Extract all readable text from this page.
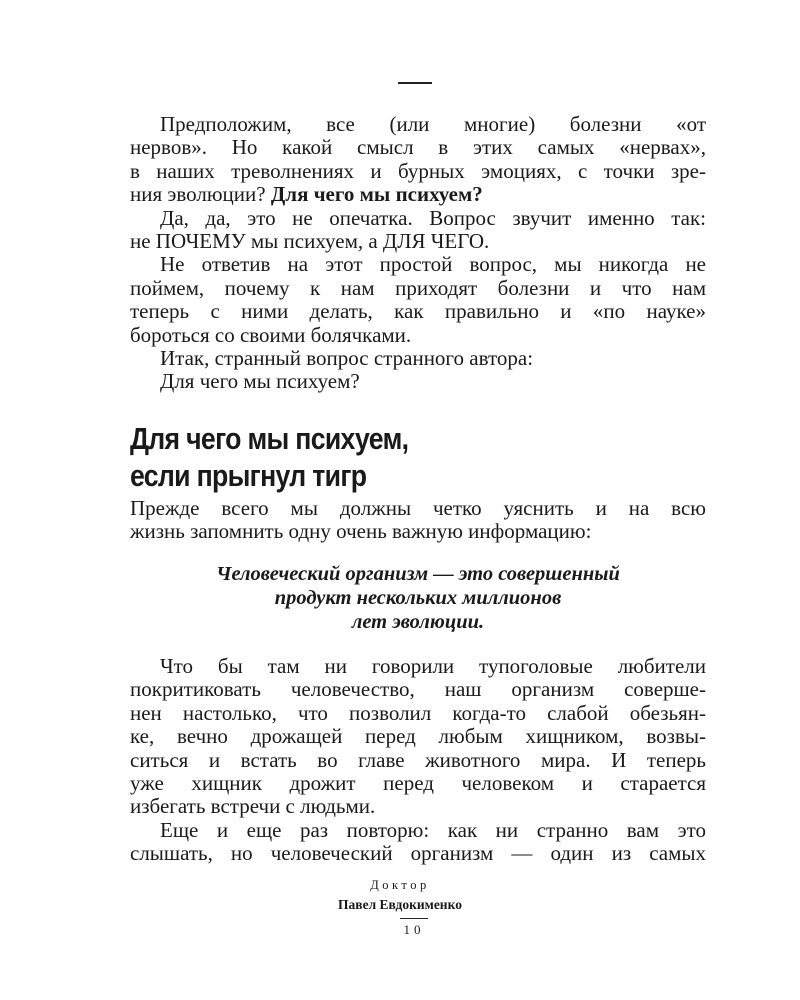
Предположим, все (или многие) болезни «от
нервов». Но какой смысл в этих самых «нервах»,
в наших треволнениях и бурных эмоциях, с точки зре-
ния эволюции? Для чего мы психуем?

Да, да, это не опечатка. Вопрос звучит именно так:
не ПОЧЕМУ мы психуем, а ДЛЯ ЧЕГО.

Не ответив на этот простой вопрос, мы никогда не
поймем, почему к нам приходят болезни и что нам
теперь с ними делать, как правильно и «по науке»
бороться со своими болячками.

Итак, странный вопрос странного автора:
Для чего мы психуем?

Для чего мы психуем,
если прыгнул тигр

Прежде всего мы должны четко уяснить и на всю
жизнь запомнить одну очень важную информацию:

Человеческий организм — это совершенный
продукт нескольких миллионов
лет эволюции.

Что бы там ни говорили тупоголовые любители
покритиковать человечество, наш организм соверше-
нен настолько, что позволил когда-то слабой обезьян-
ке, вечно дрожащей перед любым хищником, возвы-
ситься и встать во главе животного мира. И теперь
уже хищник дрожит перед человеком и старается
избегать встречи с людьми.

Еще и еще раз повторю: как ни странно вам это
слышать, но человеческий организм — один из самых

Доктор
Павел Евдокименко
10
